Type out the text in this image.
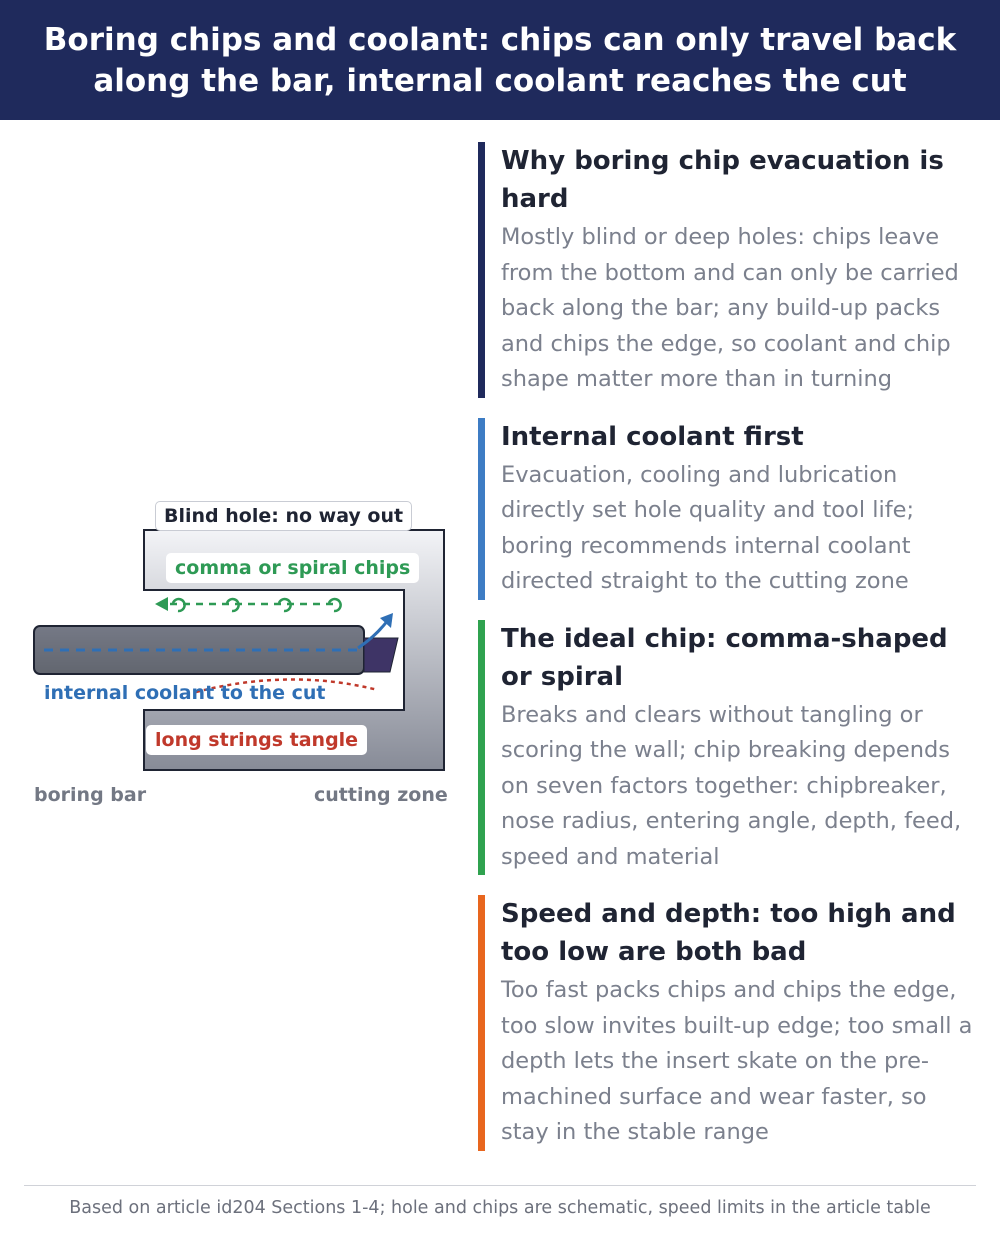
Boring chips and coolant: chips can only travel back
along the bar, internal coolant reaches the cut
Blind hole: no way out
comma or spiral chips
internal coolant to the cut
long strings tangle
boring bar	cutting zone
Why boring chip evacuation is hard

Mostly blind or deep holes: chips leave from the bottom and can only be carried back along the bar; any build-up packs and chips the edge, so coolant and chip shape matter more than in turning

Internal coolant first

Evacuation, cooling and lubrication directly set hole quality and tool life; boring recommends internal coolant directed straight to the cutting zone

The ideal chip: comma-shaped or spiral

Breaks and clears without tangling or scoring the wall; chip breaking depends on seven factors together: chipbreaker, nose radius, entering angle, depth, feed, speed and material

Speed and depth: too high and too low are both bad

Too fast packs chips and chips the edge, too slow invites built-up edge; too small a depth lets the insert skate on the pre-machined surface and wear faster, so stay in the stable range

Based on article id204 Sections 1-4; hole and chips are schematic, speed limits in the article table
